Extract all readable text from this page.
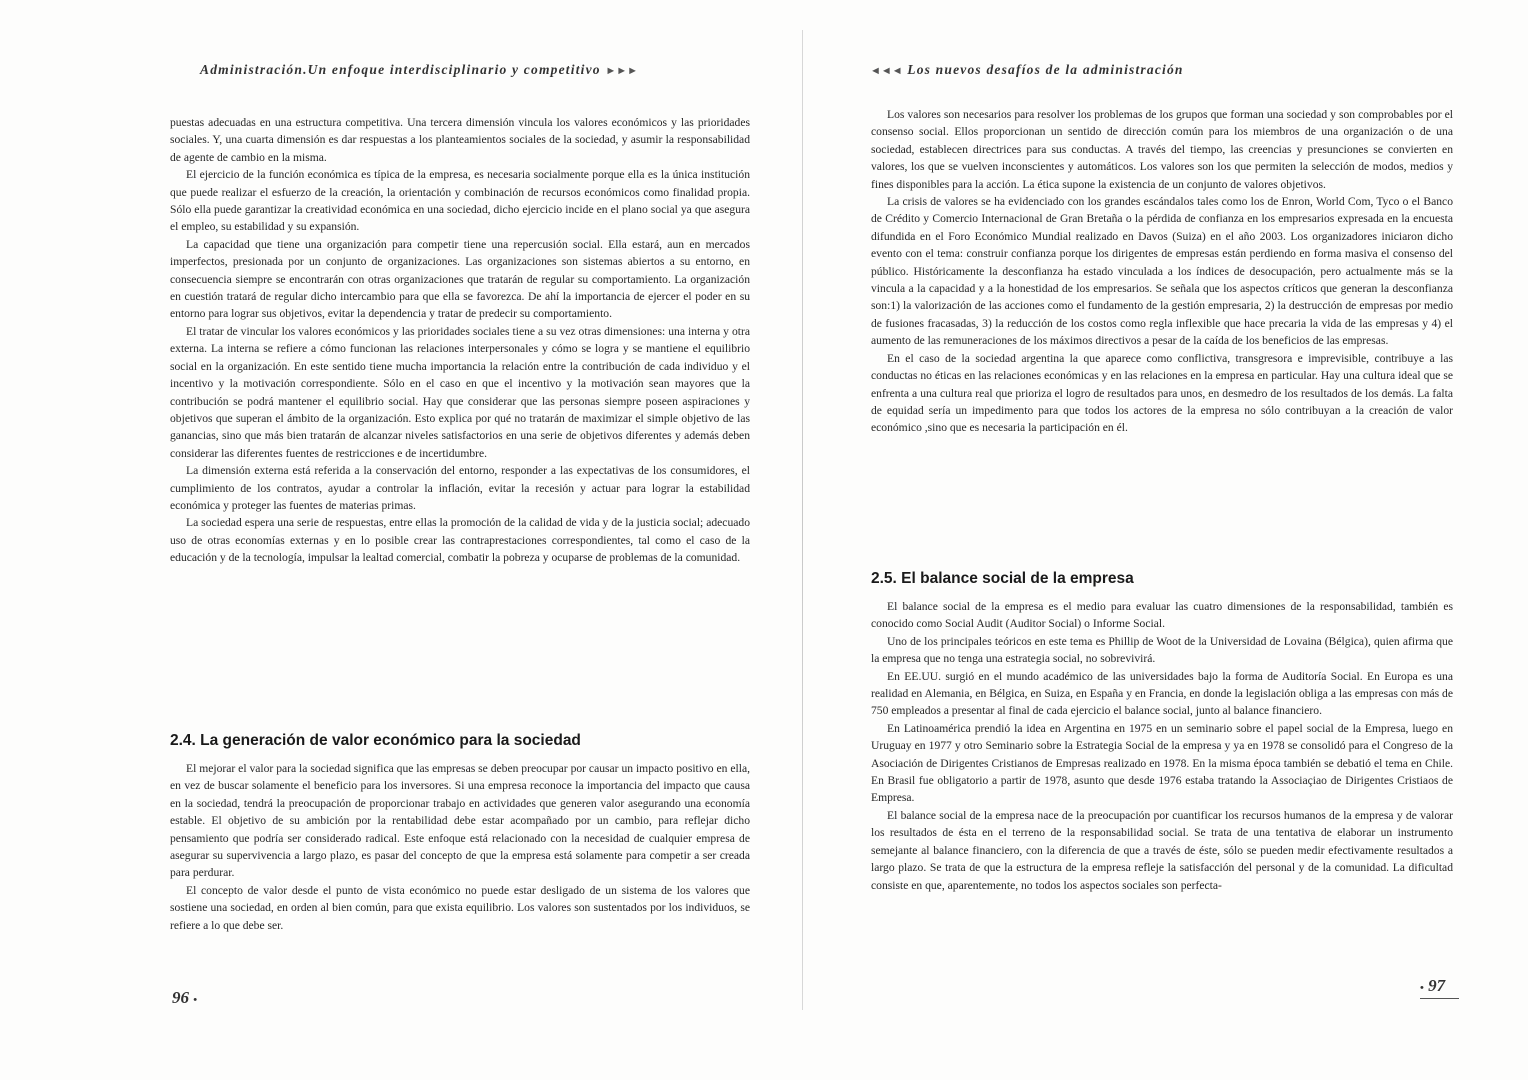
Administración.Un enfoque interdisciplinario y competitivo ►►►

puestas adecuadas en una estructura competitiva. Una tercera dimensión vincula los valores económicos y las prioridades sociales. Y, una cuarta dimensión es dar respuestas a los planteamientos sociales de la sociedad, y asumir la responsabilidad de agente de cambio en la misma.

El ejercicio de la función económica es típica de la empresa, es necesaria socialmente porque ella es la única institución que puede realizar el esfuerzo de la creación, la orientación y combinación de recursos económicos como finalidad propia. Sólo ella puede garantizar la creatividad económica en una sociedad, dicho ejercicio incide en el plano social ya que asegura el empleo, su estabilidad y su expansión.

La capacidad que tiene una organización para competir tiene una repercusión social. Ella estará, aun en mercados imperfectos, presionada por un conjunto de organizaciones. Las organizaciones son sistemas abiertos a su entorno, en consecuencia siempre se encontrarán con otras organizaciones que tratarán de regular su comportamiento. La organización en cuestión tratará de regular dicho intercambio para que ella se favorezca. De ahí la importancia de ejercer el poder en su entorno para lograr sus objetivos, evitar la dependencia y tratar de predecir su comportamiento.

El tratar de vincular los valores económicos y las prioridades sociales tiene a su vez otras dimensiones: una interna y otra externa. La interna se refiere a cómo funcionan las relaciones interpersonales y cómo se logra y se mantiene el equilibrio social en la organización. En este sentido tiene mucha importancia la relación entre la contribución de cada individuo y el incentivo y la motivación correspondiente. Sólo en el caso en que el incentivo y la motivación sean mayores que la contribución se podrá mantener el equilibrio social. Hay que considerar que las personas siempre poseen aspiraciones y objetivos que superan el ámbito de la organización. Esto explica por qué no tratarán de maximizar el simple objetivo de las ganancias, sino que más bien tratarán de alcanzar niveles satisfactorios en una serie de objetivos diferentes y además deben considerar las diferentes fuentes de restricciones e de incertidumbre.

La dimensión externa está referida a la conservación del entorno, responder a las expectativas de los consumidores, el cumplimiento de los contratos, ayudar a controlar la inflación, evitar la recesión y actuar para lograr la estabilidad económica y proteger las fuentes de materias primas.

La sociedad espera una serie de respuestas, entre ellas la promoción de la calidad de vida y de la justicia social; adecuado uso de otras economías externas y en lo posible crear las contraprestaciones correspondientes, tal como el caso de la educación y de la tecnología, impulsar la lealtad comercial, combatir la pobreza y ocuparse de problemas de la comunidad.

2.4. La generación de valor económico para la sociedad

El mejorar el valor para la sociedad significa que las empresas se deben preocupar por causar un impacto positivo en ella, en vez de buscar solamente el beneficio para los inversores. Si una empresa reconoce la importancia del impacto que causa en la sociedad, tendrá la preocupación de proporcionar trabajo en actividades que generen valor asegurando una economía estable. El objetivo de su ambición por la rentabilidad debe estar acompañado por un cambio, para reflejar dicho pensamiento que podría ser considerado radical. Este enfoque está relacionado con la necesidad de cualquier empresa de asegurar su supervivencia a largo plazo, es pasar del concepto de que la empresa está solamente para competir a ser creada para perdurar.

El concepto de valor desde el punto de vista económico no puede estar desligado de un sistema de los valores que sostiene una sociedad, en orden al bien común, para que exista equilibrio. Los valores son sustentados por los individuos, se refiere a lo que debe ser.

96 •
◄◄◄ Los nuevos desafíos de la administración

Los valores son necesarios para resolver los problemas de los grupos que forman una sociedad y son comprobables por el consenso social. Ellos proporcionan un sentido de dirección común para los miembros de una organización o de una sociedad, establecen directrices para sus conductas. A través del tiempo, las creencias y presunciones se convierten en valores, los que se vuelven inconscientes y automáticos. Los valores son los que permiten la selección de modos, medios y fines disponibles para la acción. La ética supone la existencia de un conjunto de valores objetivos.

La crisis de valores se ha evidenciado con los grandes escándalos tales como los de Enron, World Com, Tyco o el Banco de Crédito y Comercio Internacional de Gran Bretaña o la pérdida de confianza en los empresarios expresada en la encuesta difundida en el Foro Económico Mundial realizado en Davos (Suiza) en el año 2003. Los organizadores iniciaron dicho evento con el tema: construir confianza porque los dirigentes de empresas están perdiendo en forma masiva el consenso del público. Históricamente la desconfianza ha estado vinculada a los índices de desocupación, pero actualmente más se la vincula a la capacidad y a la honestidad de los empresarios. Se señala que los aspectos críticos que generan la desconfianza son:1) la valorización de las acciones como el fundamento de la gestión empresaria, 2) la destrucción de empresas por medio de fusiones fracasadas, 3) la reducción de los costos como regla inflexible que hace precaria la vida de las empresas y 4) el aumento de las remuneraciones de los máximos directivos a pesar de la caída de los beneficios de las empresas.

En el caso de la sociedad argentina la que aparece como conflictiva, transgresora e imprevisible, contribuye a las conductas no éticas en las relaciones económicas y en las relaciones en la empresa en particular. Hay una cultura ideal que se enfrenta a una cultura real que prioriza el logro de resultados para unos, en desmedro de los resultados de los demás. La falta de equidad sería un impedimento para que todos los actores de la empresa no sólo contribuyan a la creación de valor económico ,sino que es necesaria la participación en él.

2.5. El balance social de la empresa

El balance social de la empresa es el medio para evaluar las cuatro dimensiones de la responsabilidad, también es conocido como Social Audit (Auditor Social) o Informe Social.

Uno de los principales teóricos en este tema es Phillip de Woot de la Universidad de Lovaina (Bélgica), quien afirma que la empresa que no tenga una estrategia social, no sobrevivirá.

En EE.UU. surgió en el mundo académico de las universidades bajo la forma de Auditoría Social. En Europa es una realidad en Alemania, en Bélgica, en Suiza, en España y en Francia, en donde la legislación obliga a las empresas con más de 750 empleados a presentar al final de cada ejercicio el balance social, junto al balance financiero.

En Latinoamérica prendió la idea en Argentina en 1975 en un seminario sobre el papel social de la Empresa, luego en Uruguay en 1977 y otro Seminario sobre la Estrategia Social de la empresa y ya en 1978 se consolidó para el Congreso de la Asociación de Dirigentes Cristianos de Empresas realizado en 1978. En la misma época también se debatió el tema en Chile. En Brasil fue obligatorio a partir de 1978, asunto que desde 1976 estaba tratando la Associaçiao de Dirigentes Cristiaos de Empresa.

El balance social de la empresa nace de la preocupación por cuantificar los recursos humanos de la empresa y de valorar los resultados de ésta en el terreno de la responsabilidad social. Se trata de una tentativa de elaborar un instrumento semejante al balance financiero, con la diferencia de que a través de éste, sólo se pueden medir efectivamente resultados a largo plazo. Se trata de que la estructura de la empresa refleje la satisfacción del personal y de la comunidad. La dificultad consiste en que, aparentemente, no todos los aspectos sociales son perfecta-

• 97
